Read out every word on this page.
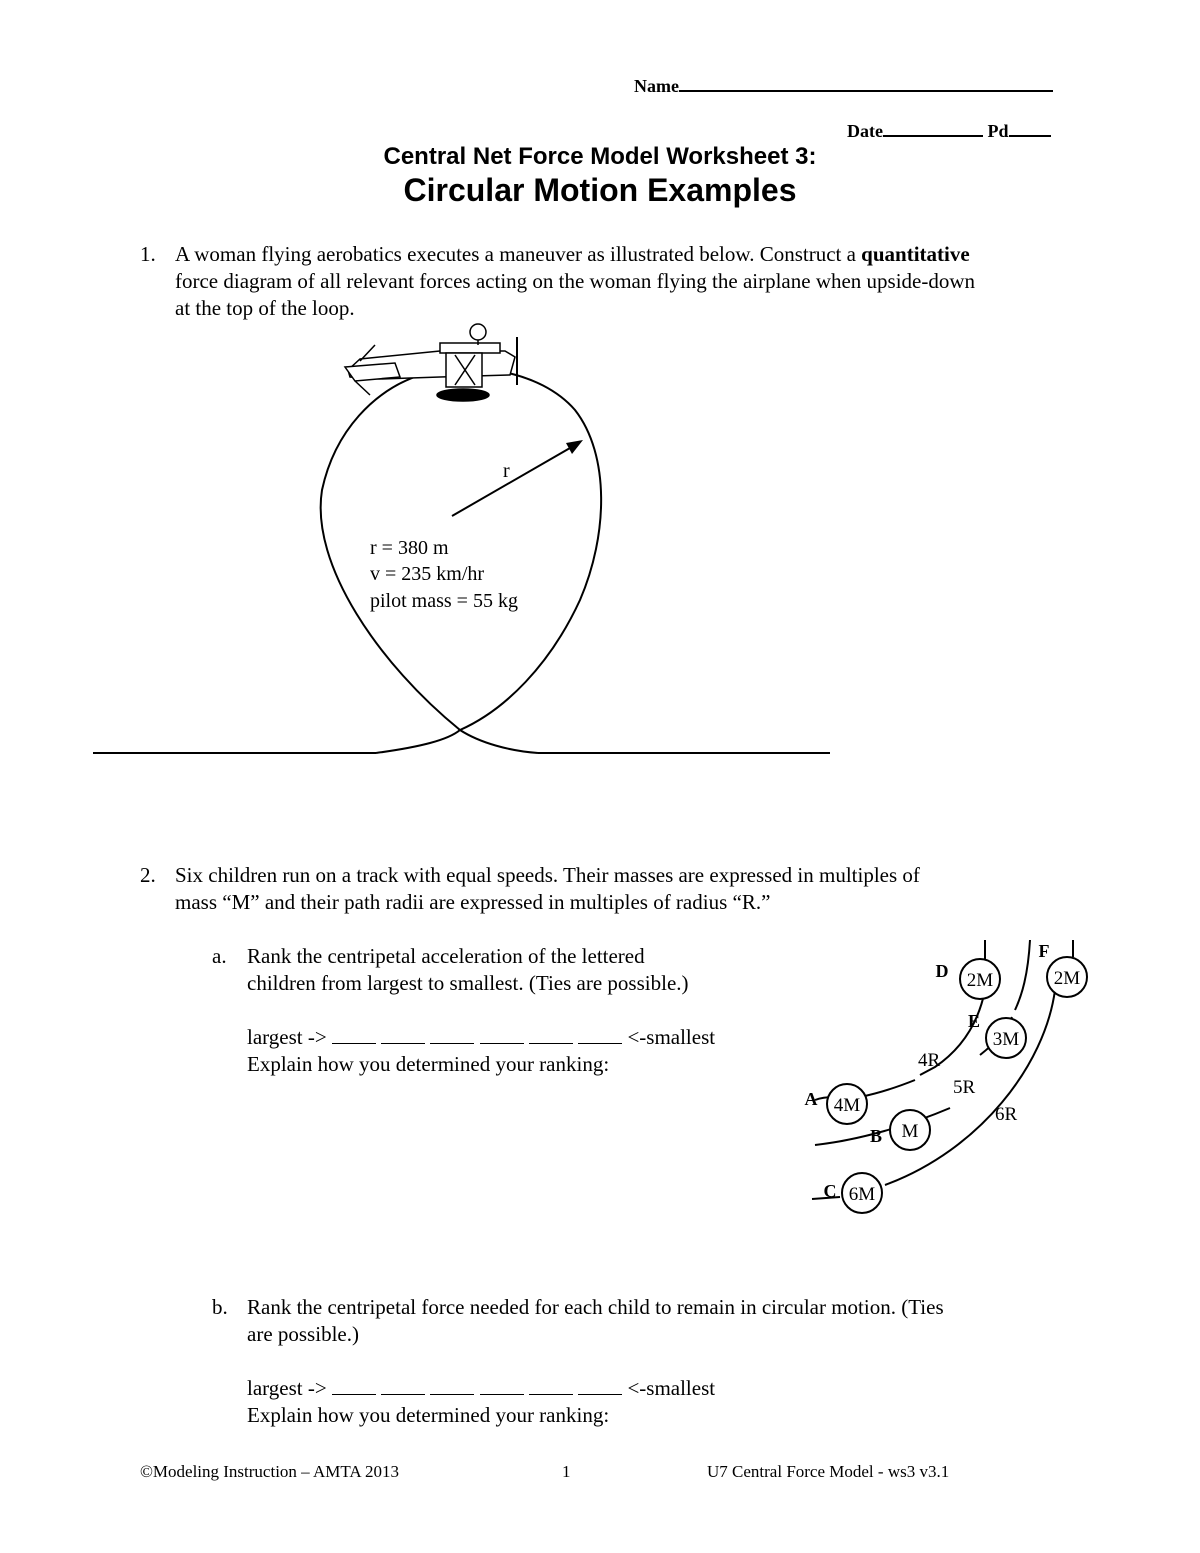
Name
Date	Pd
Central Net Force Model Worksheet 3:
Circular Motion Examples
1. A woman flying aerobatics executes a maneuver as illustrated below. Construct a quantitative
force diagram of all relevant forces acting on the woman flying the airplane when upside-down
at the top of the loop.
r
r = 380 m
v = 235 km/hr
pilot mass = 55 kg
2. Six children run on a track with equal speeds. Their masses are expressed in multiples of
mass “M” and their path radii are expressed in multiples of radius “R.”
a. Rank the centripetal acceleration of the lettered
children from largest to smallest. (Ties are possible.)
largest ->	<-smallest
Explain how you determined your ranking:
2M
D	2M
F
3M
E
4M
A
M
B
6M
C
4R
5R
6R
b. Rank the centripetal force needed for each child to remain in circular motion. (Ties
are possible.)
largest ->	<-smallest
Explain how you determined your ranking:
©Modeling Instruction – AMTA 2013	1	U7 Central Force Model - ws3 v3.1
